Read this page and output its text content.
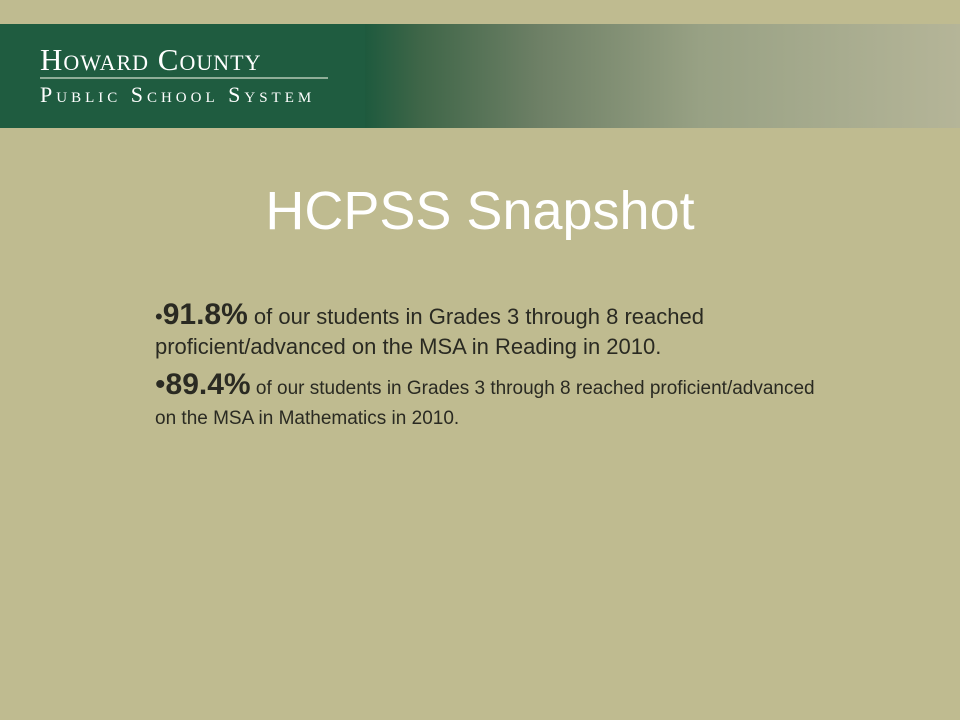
Howard County
Public School System
HCPSS Snapshot
•91.8% of our students in Grades 3 through 8 reached proficient/advanced on the MSA in Reading in 2010.
•89.4% of our students in Grades 3 through 8 reached proficient/advanced on the MSA in Mathematics in 2010.
